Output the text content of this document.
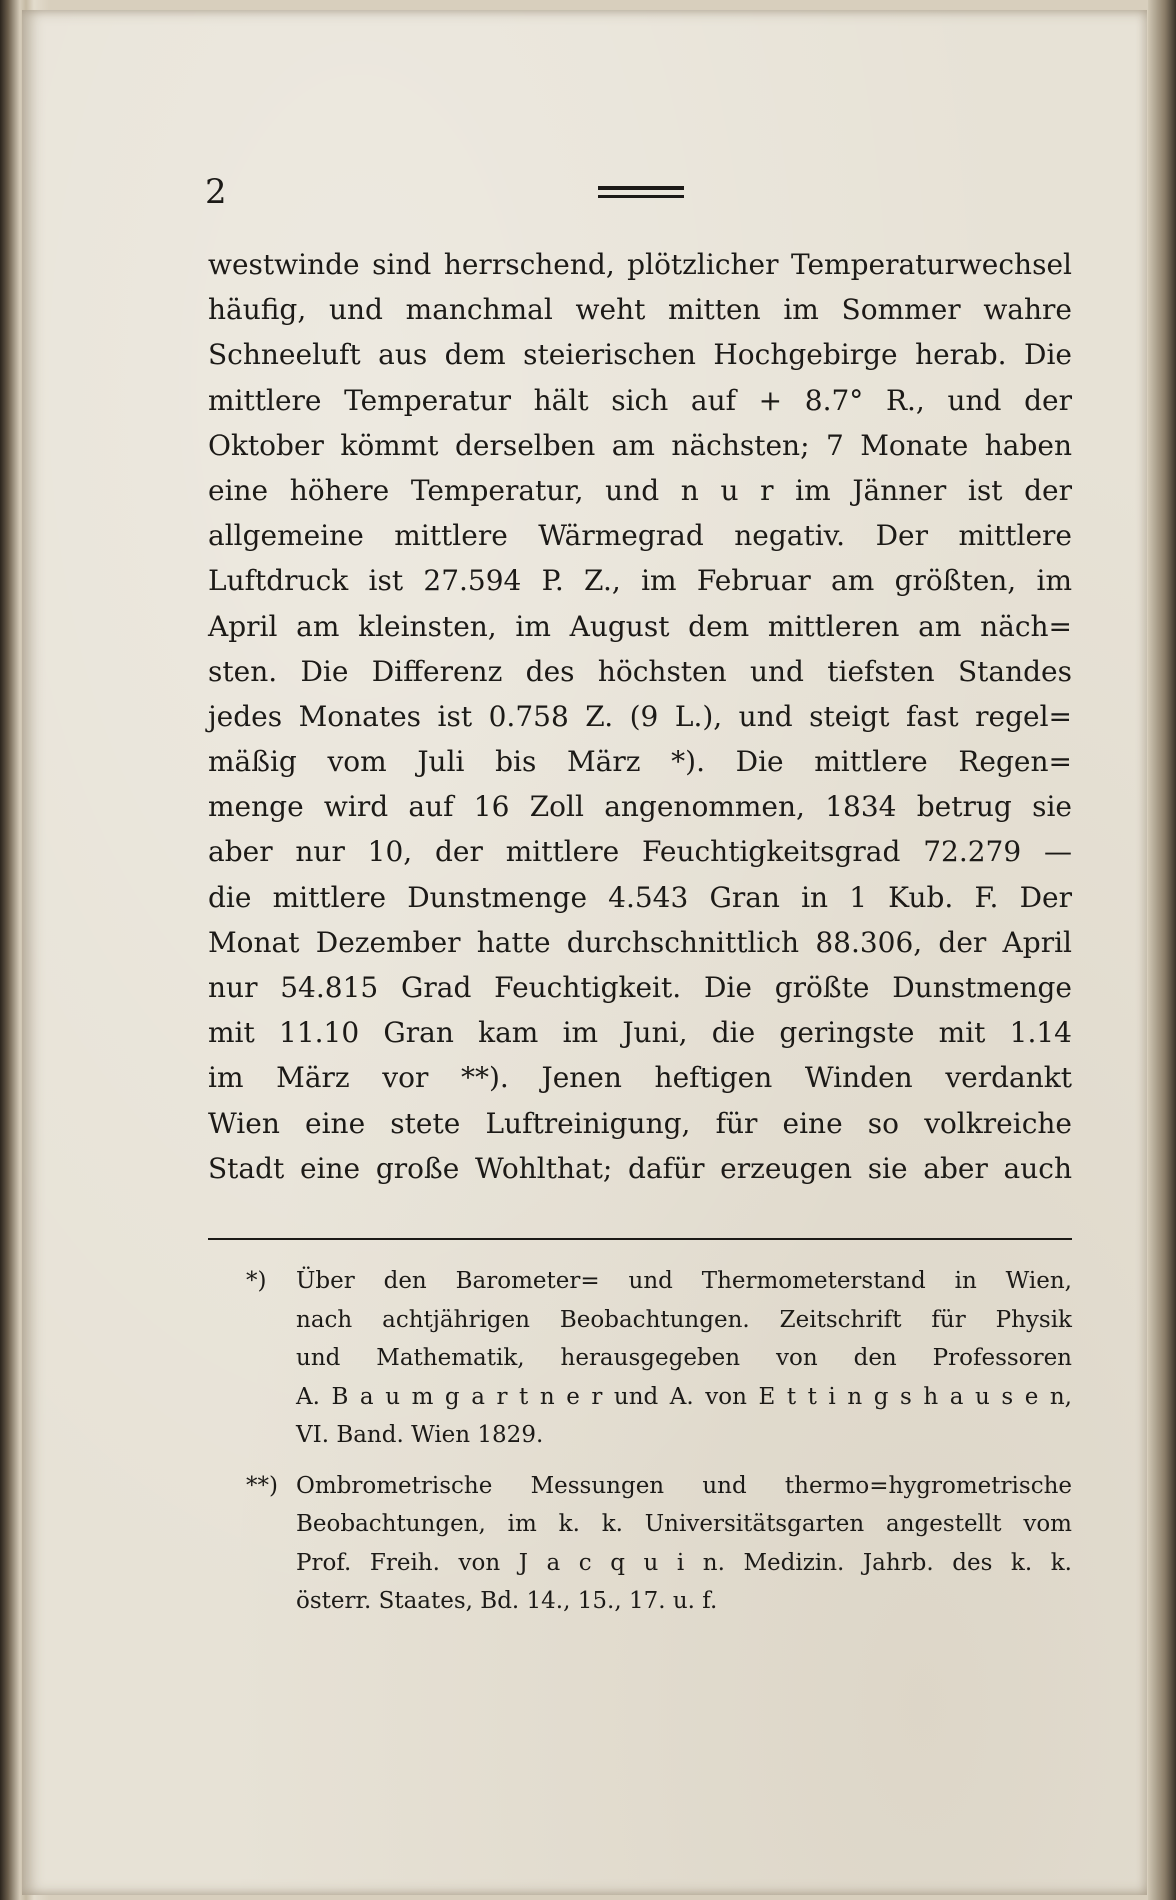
2
westwinde sind herrschend, plötzlicher Temperaturwechsel
häufig, und manchmal weht mitten im Sommer wahre
Schneeluft aus dem steierischen Hochgebirge herab. Die
mittlere Temperatur hält sich auf + 8.7° R., und der
Oktober kömmt derselben am nächsten; 7 Monate haben
eine höhere Temperatur, und n u r im Jänner ist der
allgemeine mittlere Wärmegrad negativ. Der mittlere
Luftdruck ist 27.594 P. Z., im Februar am größten, im
April am kleinsten, im August dem mittleren am näch=
sten. Die Differenz des höchsten und tiefsten Standes
jedes Monates ist 0.758 Z. (9 L.), und steigt fast regel=
mäßig vom Juli bis März *). Die mittlere Regen=
menge wird auf 16 Zoll angenommen, 1834 betrug sie
aber nur 10, der mittlere Feuchtigkeitsgrad 72.279 —
die mittlere Dunstmenge 4.543 Gran in 1 Kub. F. Der
Monat Dezember hatte durchschnittlich 88.306, der April
nur 54.815 Grad Feuchtigkeit. Die größte Dunstmenge
mit 11.10 Gran kam im Juni, die geringste mit 1.14
im März vor **). Jenen heftigen Winden verdankt
Wien eine stete Luftreinigung, für eine so volkreiche
Stadt eine große Wohlthat; dafür erzeugen sie aber auch
*) Über den Barometer= und Thermometerstand in Wien,
nach achtjährigen Beobachtungen. Zeitschrift für Physik
und Mathematik, herausgegeben von den Professoren
A. B a u m g a r t n e r und A. von E t t i n g s h a u s e n,
VI. Band. Wien 1829.
**) Ombrometrische Messungen und thermo=hygrometrische
Beobachtungen, im k. k. Universitätsgarten angestellt vom
Prof. Freih. von J a c q u i n. Medizin. Jahrb. des k. k.
österr. Staates, Bd. 14., 15., 17. u. f.
